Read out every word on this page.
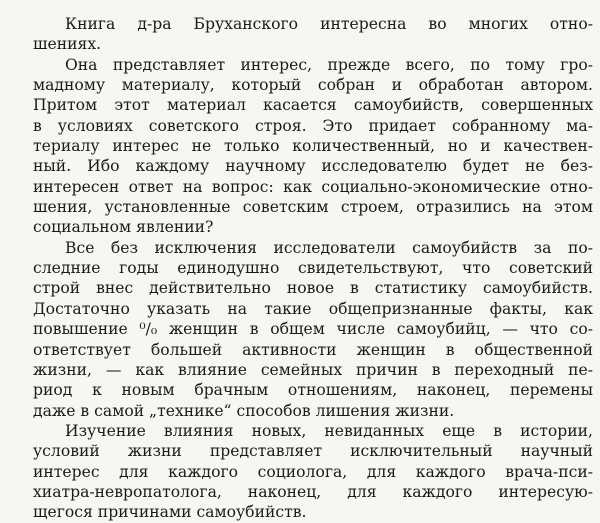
Книга д-ра Бруханского интересна во многих отно-
шениях.
Она представляет интерес, прежде всего, по тому гро-
мадному материалу, который собран и обработан автором.
Притом этот материал касается самоубийств, совершенных
в условиях советского строя. Это придает собранному ма-
териалу интерес не только количественный, но и качествен-
ный. Ибо каждому научному исследователю будет не без-
интересен ответ на вопрос: как социально-экономические отно-
шения, установленные советским строем, отразились на этом
социальном явлении?
Все без исключения исследователи самоубийств за по-
следние годы единодушно свидетельствуют, что советский
строй внес действительно новое в статистику самоубийств.
Достаточно указать на такие общепризнанные факты, как
повышение ⁰/₀ женщин в общем числе самоубийц, — что со-
ответствует большей активности женщин в общественной
жизни, — как влияние семейных причин в переходный пе-
риод к новым брачным отношениям, наконец, перемены
даже в самой „технике“ способов лишения жизни.
Изучение влияния новых, невиданных еще в истории,
условий жизни представляет исключительный научный
интерес для каждого социолога, для каждого врача-пси-
хиатра-невропатолога, наконец, для каждого интересую-
щегося причинами самоубийств.
